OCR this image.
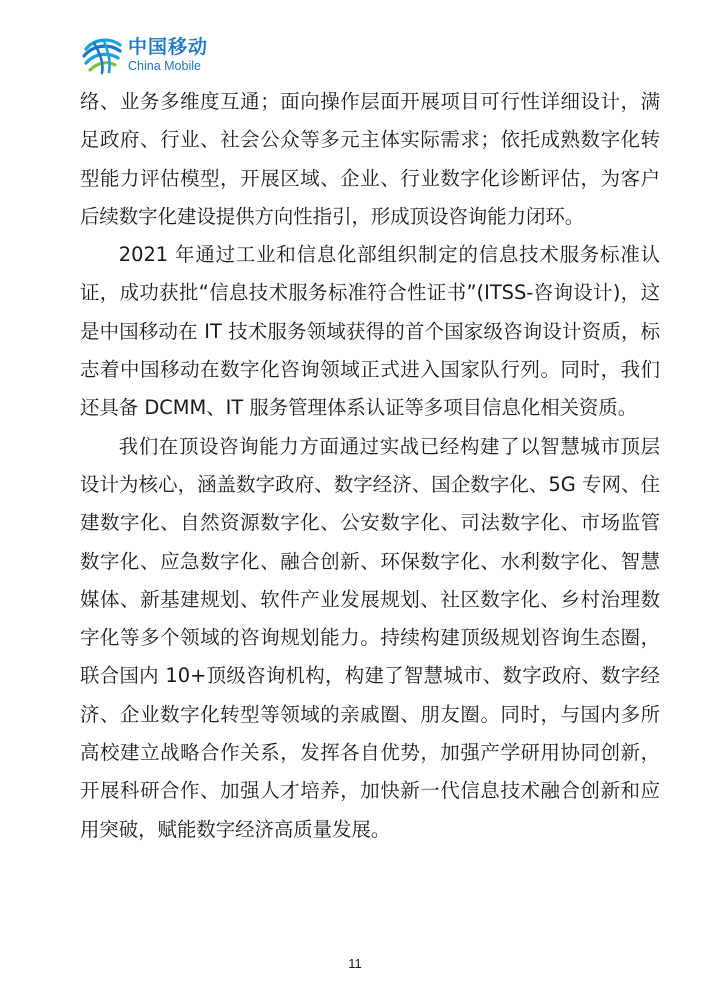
中国移动
China Mobile

络、业务多维度互通；面向操作层面开展项目可行性详细设计，满足政府、行业、社会公众等多元主体实际需求；依托成熟数字化转型能力评估模型，开展区域、企业、行业数字化诊断评估，为客户后续数字化建设提供方向性指引，形成顶设咨询能力闭环。

2021 年通过工业和信息化部组织制定的信息技术服务标准认证，成功获批“信息技术服务标准符合性证书”(ITSS-咨询设计)，这是中国移动在 IT 技术服务领域获得的首个国家级咨询设计资质，标志着中国移动在数字化咨询领域正式进入国家队行列。同时，我们还具备 DCMM、IT 服务管理体系认证等多项目信息化相关资质。

我们在顶设咨询能力方面通过实战已经构建了以智慧城市顶层设计为核心，涵盖数字政府、数字经济、国企数字化、5G 专网、住建数字化、自然资源数字化、公安数字化、司法数字化、市场监管数字化、应急数字化、融合创新、环保数字化、水利数字化、智慧媒体、新基建规划、软件产业发展规划、社区数字化、乡村治理数字化等多个领域的咨询规划能力。持续构建顶级规划咨询生态圈，联合国内 10+顶级咨询机构，构建了智慧城市、数字政府、数字经济、企业数字化转型等领域的亲戚圈、朋友圈。同时，与国内多所高校建立战略合作关系，发挥各自优势，加强产学研用协同创新，开展科研合作、加强人才培养，加快新一代信息技术融合创新和应用突破，赋能数字经济高质量发展。

11
